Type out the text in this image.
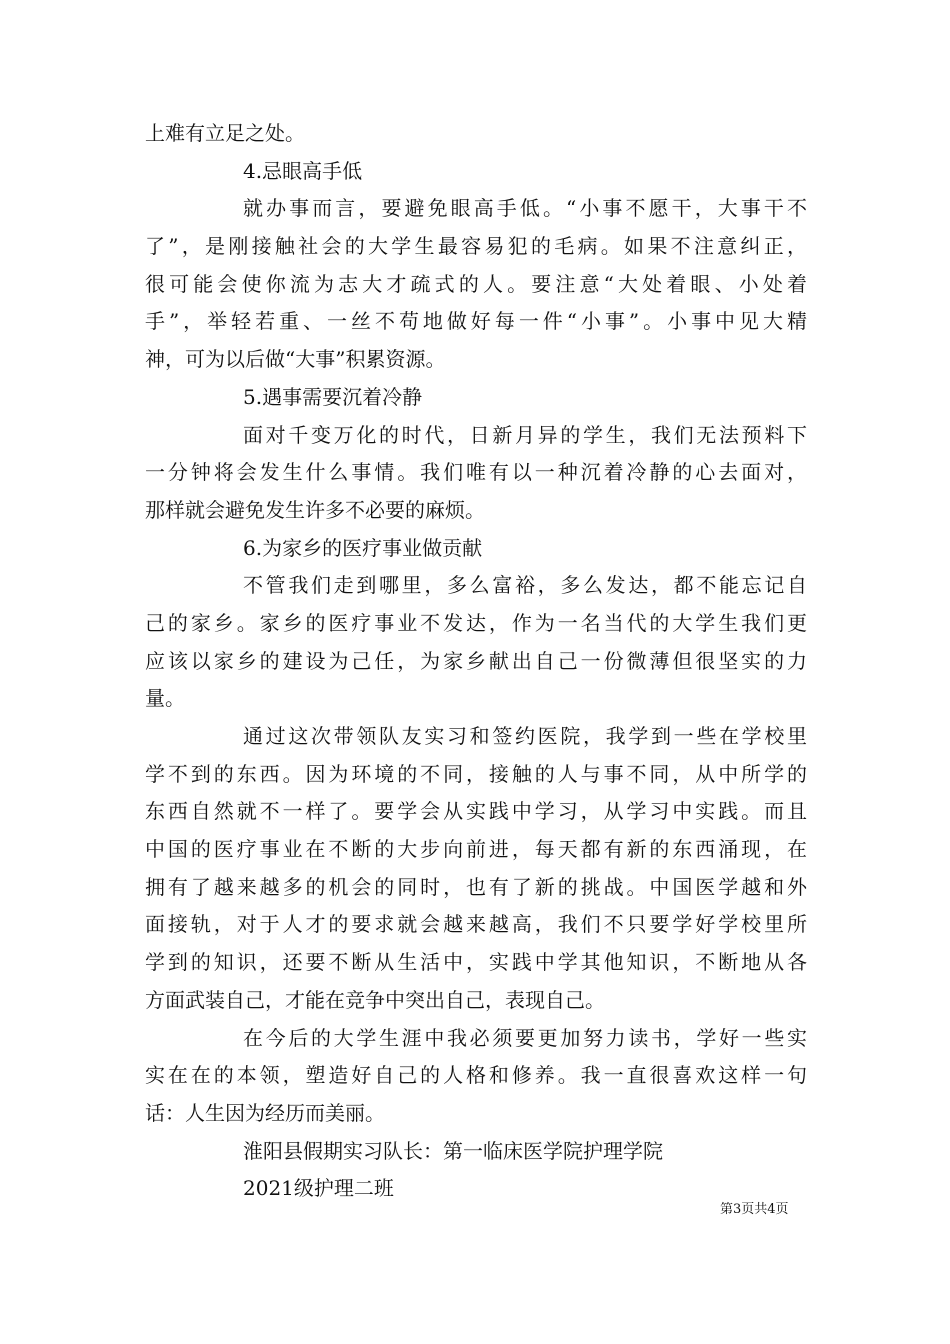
上难有立足之处。
4.忌眼高手低
就办事而言，要避免眼高手低。“小事不愿干，大事干不
了”，是刚接触社会的大学生最容易犯的毛病。如果不注意纠正，
很可能会使你流为志大才疏式的人。要注意“大处着眼、小处着
手”，举轻若重、一丝不苟地做好每一件“小事”。小事中见大精
神，可为以后做“大事”积累资源。
5.遇事需要沉着冷静
面对千变万化的时代，日新月异的学生，我们无法预料下
一分钟将会发生什么事情。我们唯有以一种沉着冷静的心去面对，
那样就会避免发生许多不必要的麻烦。
6.为家乡的医疗事业做贡献
不管我们走到哪里，多么富裕，多么发达，都不能忘记自
己的家乡。家乡的医疗事业不发达，作为一名当代的大学生我们更
应该以家乡的建设为己任，为家乡献出自己一份微薄但很坚实的力
量。
通过这次带领队友实习和签约医院，我学到一些在学校里
学不到的东西。因为环境的不同，接触的人与事不同，从中所学的
东西自然就不一样了。要学会从实践中学习，从学习中实践。而且
中国的医疗事业在不断的大步向前进，每天都有新的东西涌现，在
拥有了越来越多的机会的同时，也有了新的挑战。中国医学越和外
面接轨，对于人才的要求就会越来越高，我们不只要学好学校里所
学到的知识，还要不断从生活中，实践中学其他知识，不断地从各
方面武装自己，才能在竞争中突出自己，表现自己。
在今后的大学生涯中我必须要更加努力读书，学好一些实
实在在的本领，塑造好自己的人格和修养。我一直很喜欢这样一句
话：人生因为经历而美丽。
淮阳县假期实习队长：第一临床医学院护理学院
2021级护理二班
第3页共4页
